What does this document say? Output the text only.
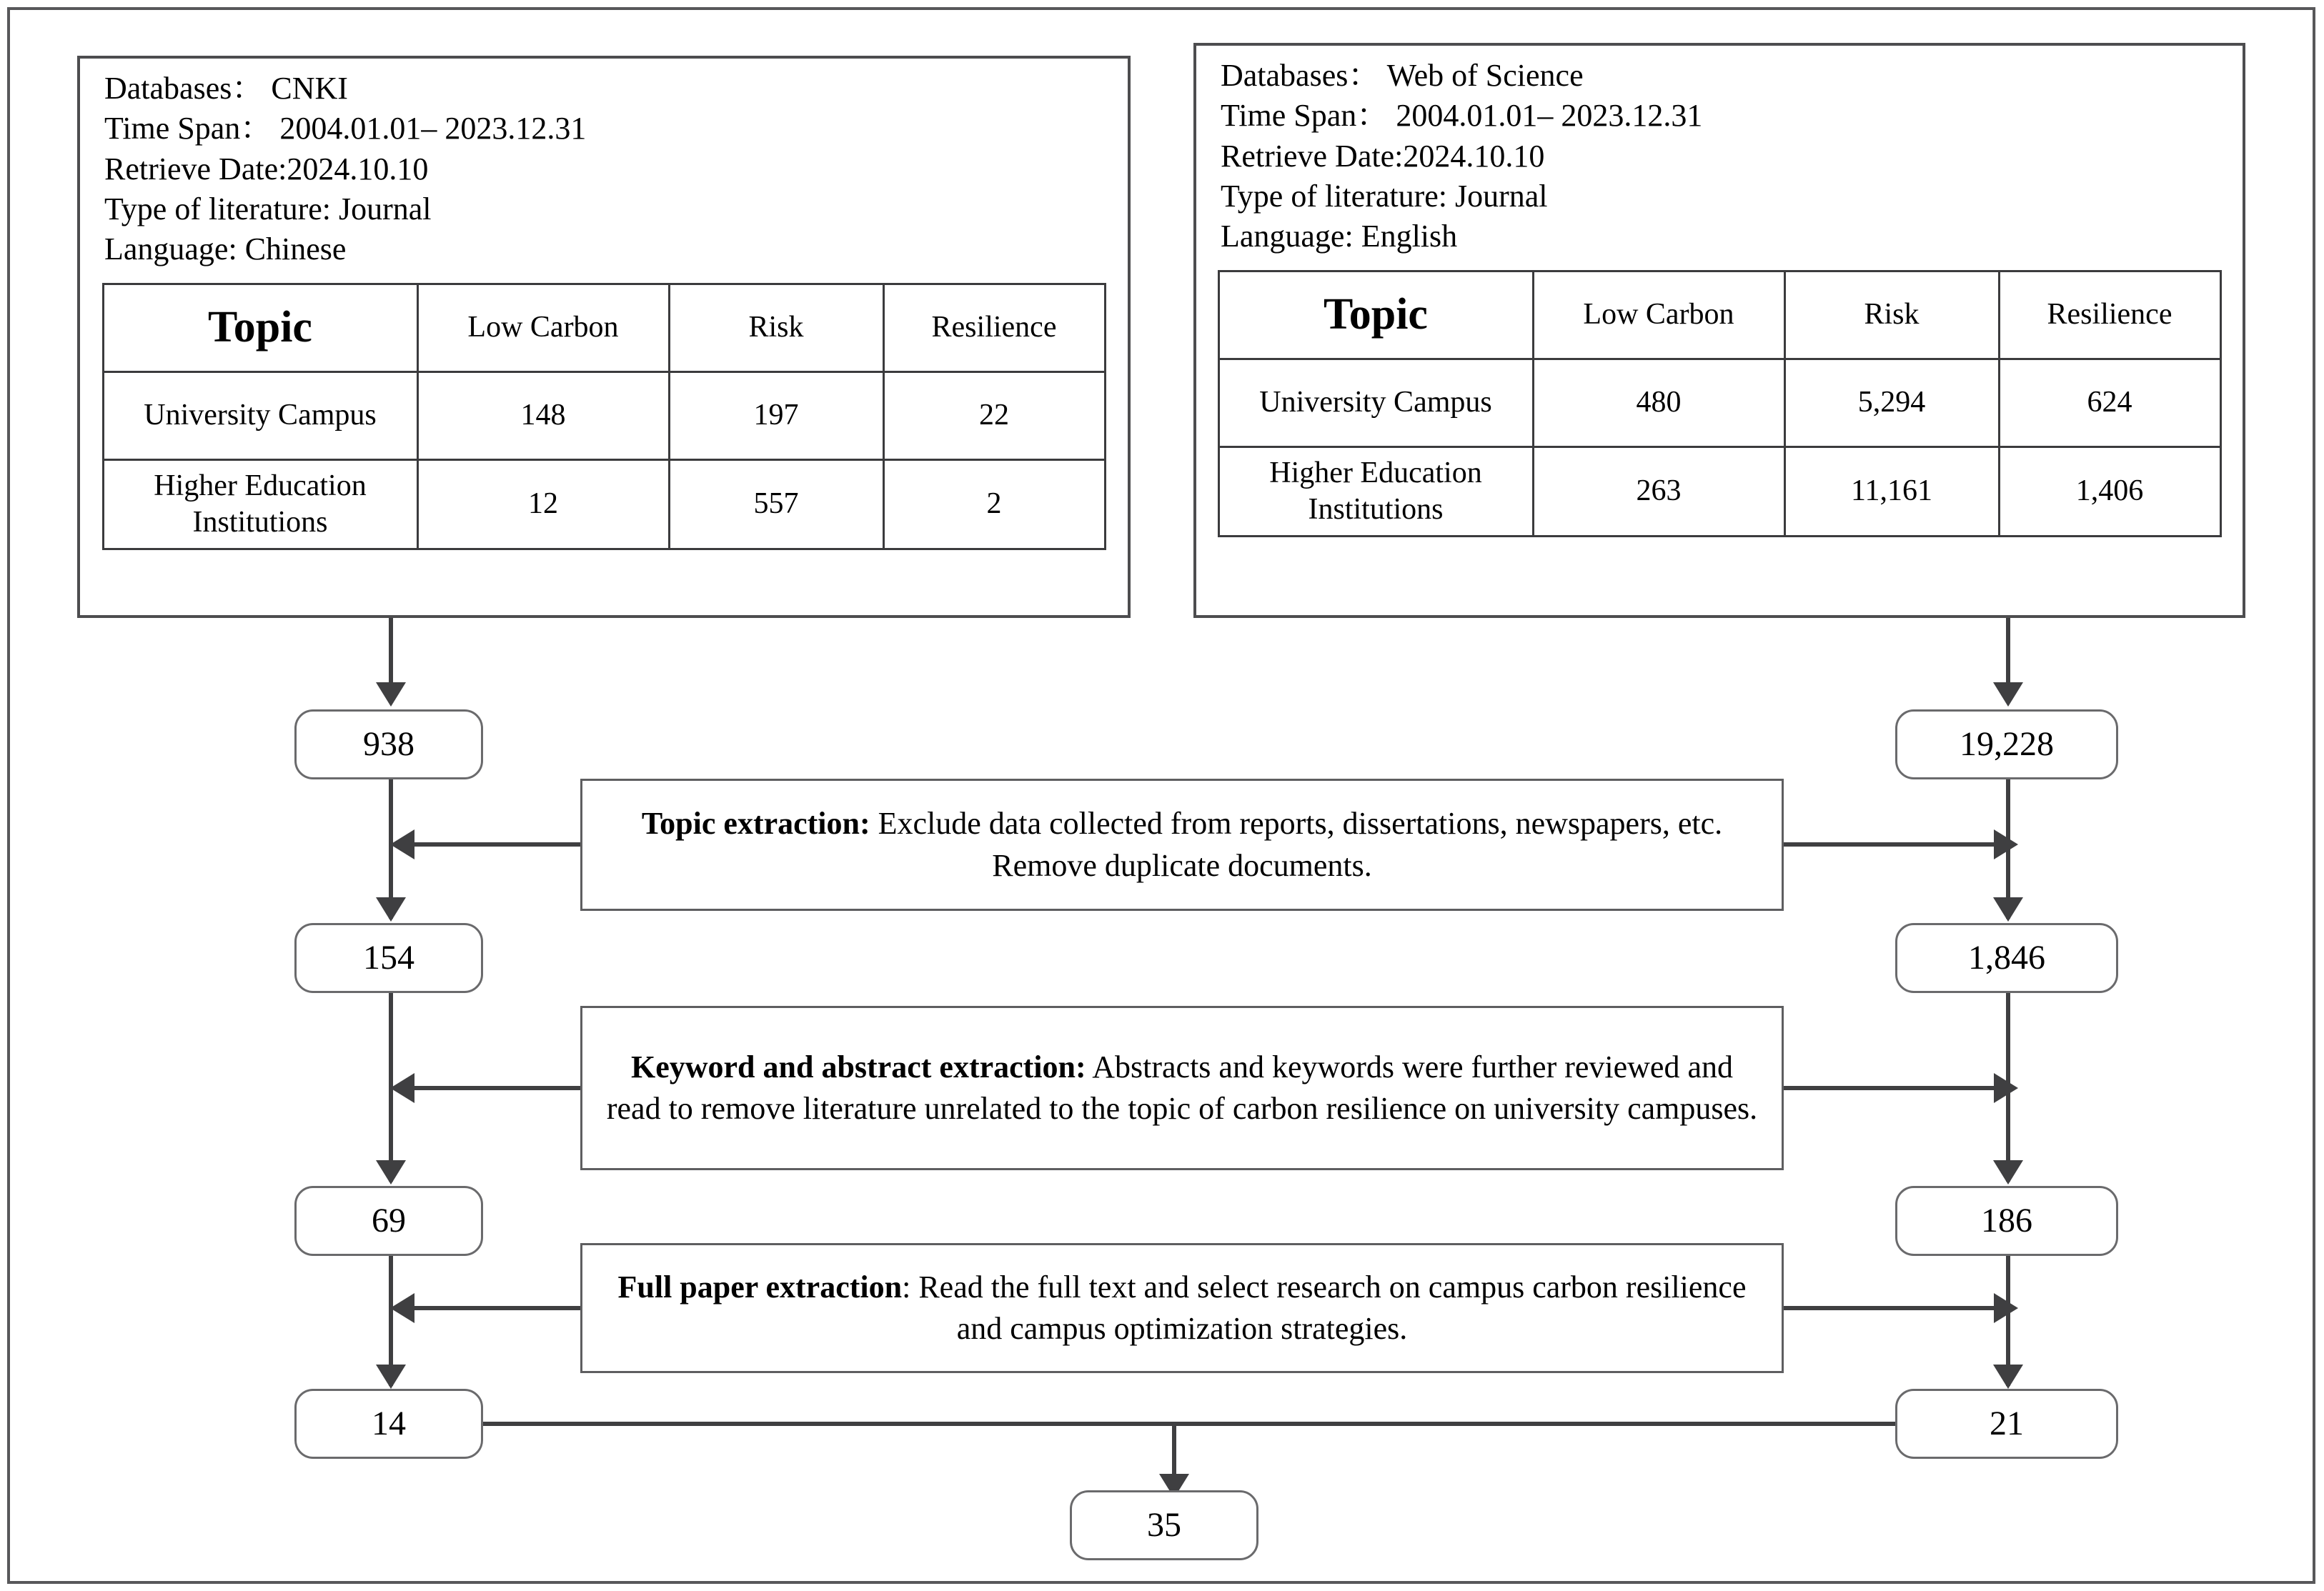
Databases： CNKI
Time Span： 2004.01.01– 2023.12.31
Retrieve Date:2024.10.10
Type of literature: Journal
Language: Chinese
Topic	Low Carbon	Risk	Resilience
University Campus	148	197	22
Higher Education Institutions	12	557	2
Databases： Web of Science
Time Span： 2004.01.01– 2023.12.31
Retrieve Date:2024.10.10
Type of literature: Journal
Language: English
Topic	Low Carbon	Risk	Resilience
University Campus	480	5,294	624
Higher Education Institutions	263	11,161	1,406
938
154
69
14
19,228
1,846
186
21
Topic extraction: Exclude data collected from reports, dissertations, newspapers, etc. Remove duplicate documents.
Keyword and abstract extraction: Abstracts and keywords were further reviewed and read to remove literature unrelated to the topic of carbon resilience on university campuses.
Full paper extraction: Read the full text and select research on campus carbon resilience and campus optimization strategies.
35
